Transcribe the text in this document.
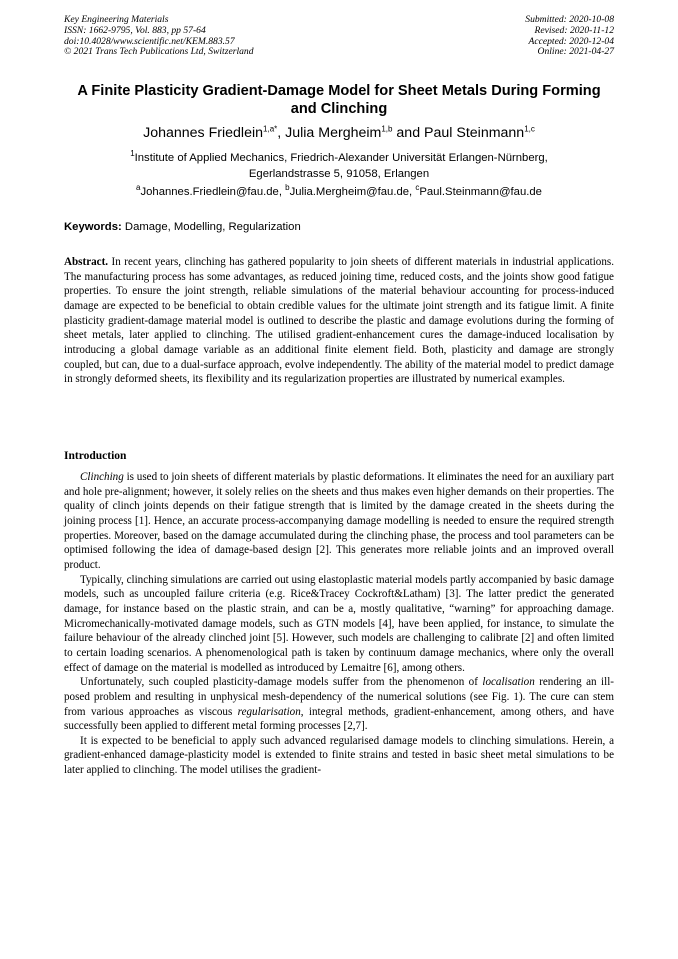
Key Engineering Materials
ISSN: 1662-9795, Vol. 883, pp 57-64
doi:10.4028/www.scientific.net/KEM.883.57
© 2021 Trans Tech Publications Ltd, Switzerland
Submitted: 2020-10-08
Revised: 2020-11-12
Accepted: 2020-12-04
Online: 2021-04-27
A Finite Plasticity Gradient-Damage Model for Sheet Metals During Forming and Clinching
Johannes Friedlein$^{1,a*}$, Julia Mergheim$^{1,b}$ and Paul Steinmann$^{1,c}$
$^1$Institute of Applied Mechanics, Friedrich-Alexander Universität Erlangen-Nürnberg,
Egerlandstrasse 5, 91058, Erlangen
$^a$Johannes.Friedlein@fau.de, $^b$Julia.Mergheim@fau.de, $^c$Paul.Steinmann@fau.de
Keywords: Damage, Modelling, Regularization
Abstract. In recent years, clinching has gathered popularity to join sheets of different materials in industrial applications. The manufacturing process has some advantages, as reduced joining time, reduced costs, and the joints show good fatigue properties. To ensure the joint strength, reliable simulations of the material behaviour accounting for process-induced damage are expected to be beneficial to obtain credible values for the ultimate joint strength and its fatigue limit. A finite plasticity gradient-damage material model is outlined to describe the plastic and damage evolutions during the forming of sheet metals, later applied to clinching. The utilised gradient-enhancement cures the damage-induced localisation by introducing a global damage variable as an additional finite element field. Both, plasticity and damage are strongly coupled, but can, due to a dual-surface approach, evolve independently. The ability of the material model to predict damage in strongly deformed sheets, its flexibility and its regularization properties are illustrated by numerical examples.
Introduction

Clinching is used to join sheets of different materials by plastic deformations. It eliminates the need for an auxiliary part and hole pre-alignment; however, it solely relies on the sheets and thus makes even higher demands on their properties. The quality of clinch joints depends on their fatigue strength that is limited by the damage created in the sheets during the joining process [1]. Hence, an accurate process-accompanying damage modelling is needed to ensure the required strength properties. Moreover, based on the damage accumulated during the clinching phase, the process and tool parameters can be optimised following the idea of damage-based design [2]. This generates more reliable joints and an improved overall product.

Typically, clinching simulations are carried out using elastoplastic material models partly accompanied by basic damage models, such as uncoupled failure criteria (e.g. Rice&Tracey Cockroft&Latham) [3]. The latter predict the generated damage, for instance based on the plastic strain, and can be a, mostly qualitative, “warning” for approaching damage. Micromechanically-motivated damage models, such as GTN models [4], have been applied, for instance, to simulate the failure behaviour of the already clinched joint [5]. However, such models are challenging to calibrate [2] and often limited to certain loading scenarios. A phenomenological path is taken by continuum damage mechanics, where only the overall effect of damage on the material is modelled as introduced by Lemaitre [6], among others.

Unfortunately, such coupled plasticity-damage models suffer from the phenomenon of localisation rendering an ill-posed problem and resulting in unphysical mesh-dependency of the numerical solutions (see Fig. 1). The cure can stem from various approaches as viscous regularisation, integral methods, gradient-enhancement, among others, and have successfully been applied to different metal forming processes [2,7].

It is expected to be beneficial to apply such advanced regularised damage models to clinching simulations. Herein, a gradient-enhanced damage-plasticity model is extended to finite strains and tested in basic sheet metal simulations to be later applied to clinching. The model utilises the gradient-
